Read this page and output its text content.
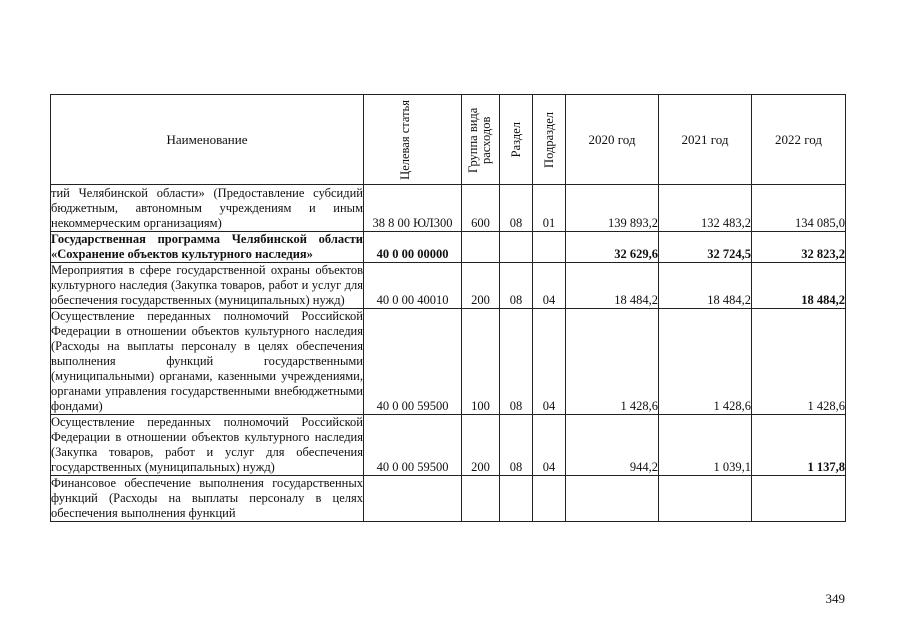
Наименование	Целевая статья	Группа вида расходов	Раздел	Подраздел	2020 год	2021 год	2022 год
тий Челябинской области» (Предоставление субсидий бюджетным, автономным учреждениям и иным некоммерческим организациям)	38 8 00 ЮЛ300	600	08	01	139 893,2	132 483,2	134 085,0
Государственная программа Челябинской области «Сохранение объектов культурного наследия»	40 0 00 00000				32 629,6	32 724,5	32 823,2
Мероприятия в сфере государственной охраны объектов культурного наследия (Закупка товаров, работ и услуг для обеспечения государственных (муниципальных) нужд)	40 0 00 40010	200	08	04	18 484,2	18 484,2	18 484,2
Осуществление переданных полномочий Российской Федерации в отношении объектов культурного наследия (Расходы на выплаты персоналу в целях обеспечения выполнения функций государственными (муниципальными) органами, казенными учреждениями, органами управления государственными внебюджетными фондами)	40 0 00 59500	100	08	04	1 428,6	1 428,6	1 428,6
Осуществление переданных полномочий Российской Федерации в отношении объектов культурного наследия (Закупка товаров, работ и услуг для обеспечения государственных (муниципальных) нужд)	40 0 00 59500	200	08	04	944,2	1 039,1	1 137,8
Финансовое обеспечение выполнения государственных функций (Расходы на выплаты персоналу в целях обеспечения выполнения функций							
349
